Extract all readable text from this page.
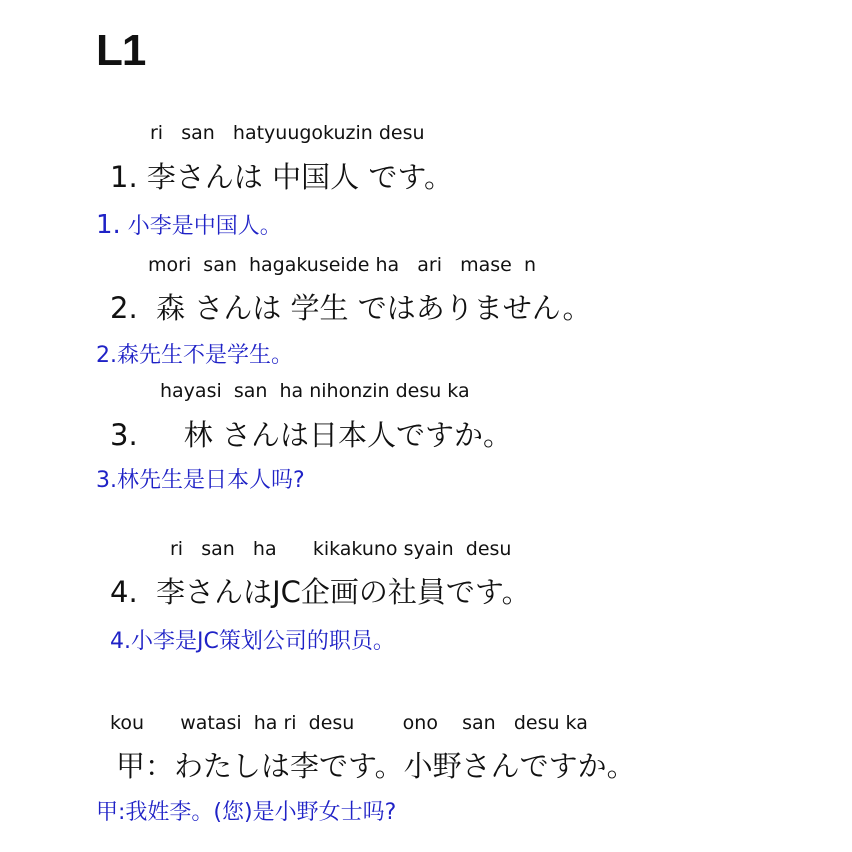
L1
ri   san   hatyuugokuzin desu
1. 李さんは 中国人 です。
1. 小李是中国人。
mori  san  hagakuseide ha   ari   mase  n
2.  森 さんは 学生 ではありません。
2.森先生不是学生。
hayasi  san  ha nihonzin desu ka
3.     林 さんは日本人ですか。
3.林先生是日本人吗?
ri   san   ha      kikakuno syain  desu
4.  李さんはJC企画の社員です。
4.小李是JC策划公司的职员。
kou      watasi  ha ri  desu        ono    san   desu ka
甲：わたしは李です。小野さんですか。
甲:我姓李。(您)是小野女士吗?
